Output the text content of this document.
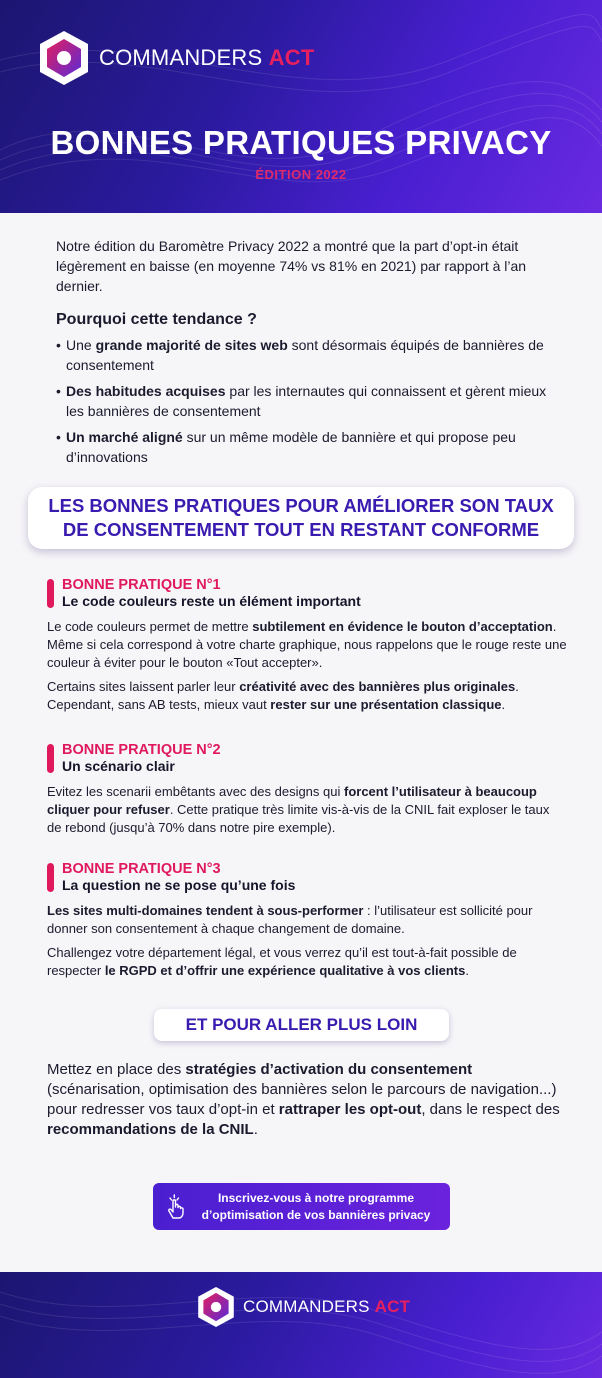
COMMANDERS ACT
BONNES PRATIQUES PRIVACY
ÉDITION 2022
Notre édition du Baromètre Privacy 2022 a montré que la part d’opt-in était légèrement en baisse (en moyenne 74% vs 81% en 2021) par rapport à l’an dernier.
Pourquoi cette tendance ?
• Une grande majorité de sites web sont désormais équipés de bannières de consentement
• Des habitudes acquises par les internautes qui connaissent et gèrent mieux les bannières de consentement
• Un marché aligné sur un même modèle de bannière et qui propose peu d’innovations
LES BONNES PRATIQUES POUR AMÉLIORER SON TAUX
DE CONSENTEMENT TOUT EN RESTANT CONFORME
BONNE PRATIQUE N°1
Le code couleurs reste un élément important

Le code couleurs permet de mettre subtilement en évidence le bouton d’acceptation. Même si cela correspond à votre charte graphique, nous rappelons que le rouge reste une couleur à éviter pour le bouton «Tout accepter».

Certains sites laissent parler leur créativité avec des bannières plus originales. Cependant, sans AB tests, mieux vaut rester sur une présentation classique.

BONNE PRATIQUE N°2
Un scénario clair

Evitez les scenarii embêtants avec des designs qui forcent l’utilisateur à beaucoup cliquer pour refuser. Cette pratique très limite vis-à-vis de la CNIL fait exploser le taux de rebond (jusqu’à 70% dans notre pire exemple).

BONNE PRATIQUE N°3
La question ne se pose qu’une fois

Les sites multi-domaines tendent à sous-performer : l’utilisateur est sollicité pour donner son consentement à chaque changement de domaine.

Challengez votre département légal, et vous verrez qu’il est tout-à-fait possible de respecter le RGPD et d’offrir une expérience qualitative à vos clients.

ET POUR ALLER PLUS LOIN
Mettez en place des stratégies d’activation du consentement (scénarisation, optimisation des bannières selon le parcours de navigation...) pour redresser vos taux d’opt-in et rattraper les opt-out, dans le respect des recommandations de la CNIL.
Inscrivez-vous à notre programme
d’optimisation de vos bannières privacy
COMMANDERS ACT
